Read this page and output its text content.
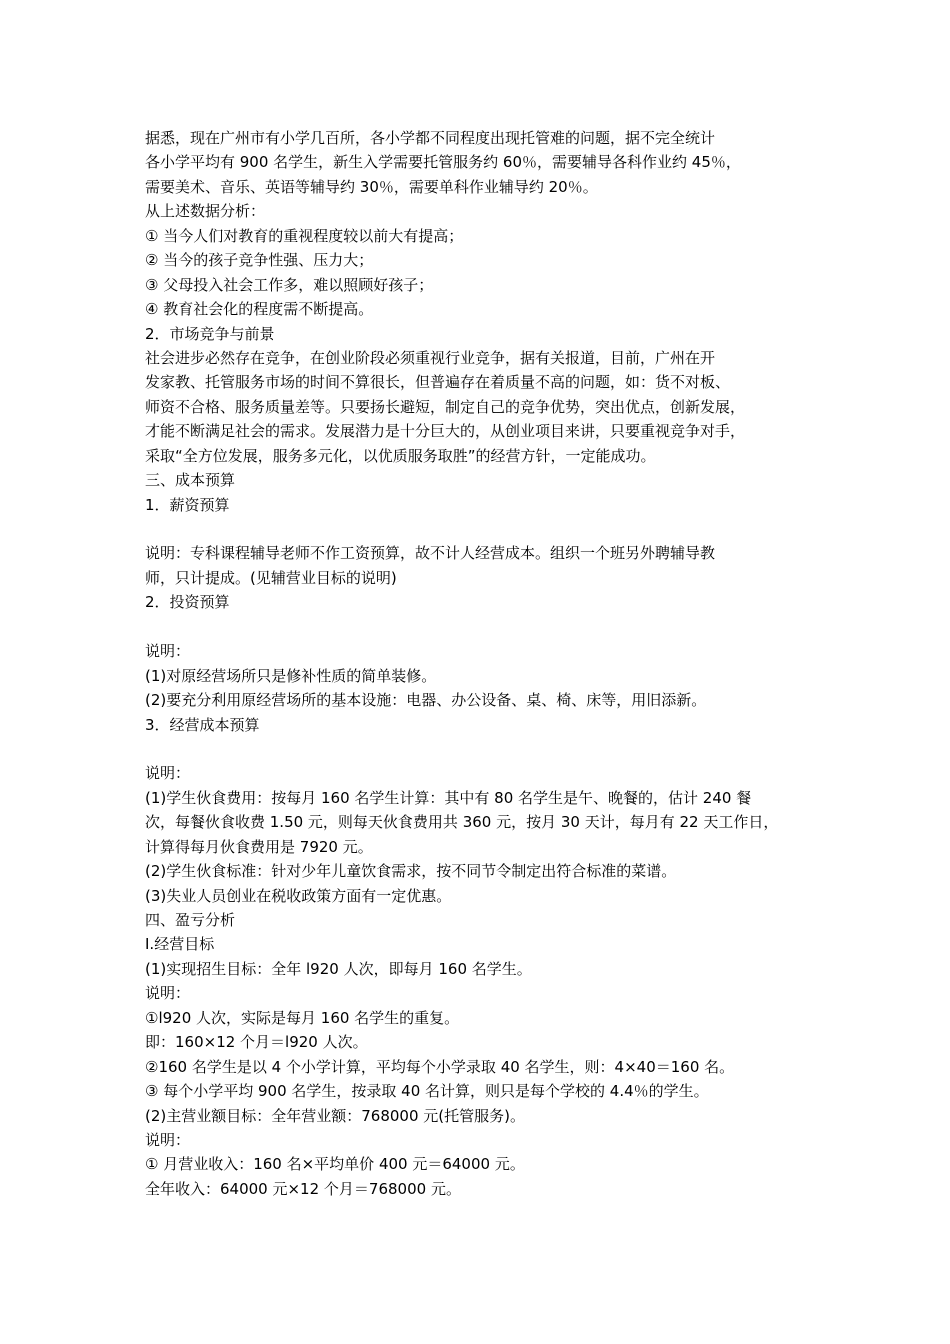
据悉，现在广州市有小学几百所，各小学都不同程度出现托管难的问题，据不完全统计
各小学平均有 900 名学生，新生入学需要托管服务约 60％，需要辅导各科作业约 45％，
需要美术、音乐、英语等辅导约 30％，需要单科作业辅导约 20％。
从上述数据分析：
① 当今人们对教育的重视程度较以前大有提高；
② 当今的孩子竞争性强、压力大；
③ 父母投入社会工作多，难以照顾好孩子；
④ 教育社会化的程度需不断提高。
2．市场竞争与前景
社会进步必然存在竞争，在创业阶段必须重视行业竞争，据有关报道，目前，广州在开
发家教、托管服务市场的时间不算很长，但普遍存在着质量不高的问题，如：货不对板、
师资不合格、服务质量差等。只要扬长避短，制定自己的竞争优势，突出优点，创新发展，
才能不断满足社会的需求。发展潜力是十分巨大的，从创业项目来讲，只要重视竞争对手，
采取“全方位发展，服务多元化，以优质服务取胜”的经营方针，一定能成功。
三、成本预算
1．薪资预算
说明：专科课程辅导老师不作工资预算，故不计人经营成本。组织一个班另外聘辅导教
师，只计提成。(见辅营业目标的说明)
2．投资预算
说明：
(1)对原经营场所只是修补性质的简单装修。
(2)要充分利用原经营场所的基本设施：电器、办公设备、桌、椅、床等，用旧添新。
3．经营成本预算
说明：
(1)学生伙食费用：按每月 160 名学生计算：其中有 80 名学生是午、晚餐的，估计 240 餐
次，每餐伙食收费 1.50 元，则每天伙食费用共 360 元，按月 30 天计，每月有 22 天工作日，
计算得每月伙食费用是 7920 元。
(2)学生伙食标准：针对少年儿童饮食需求，按不同节令制定出符合标准的菜谱。
(3)失业人员创业在税收政策方面有一定优惠。
四、盈亏分析
I.经营目标
(1)实现招生目标：全年 l920 人次，即每月 160 名学生。
说明：
①l920 人次，实际是每月 160 名学生的重复。
即：160×12 个月＝l920 人次。
②160 名学生是以 4 个小学计算，平均每个小学录取 40 名学生，则：4×40＝160 名。
③ 每个小学平均 900 名学生，按录取 40 名计算，则只是每个学校的 4.4％的学生。
(2)主营业额目标：全年营业额：768000 元(托管服务)。
说明：
① 月营业收入：160 名×平均单价 400 元＝64000 元。
全年收入：64000 元×12 个月＝768000 元。
